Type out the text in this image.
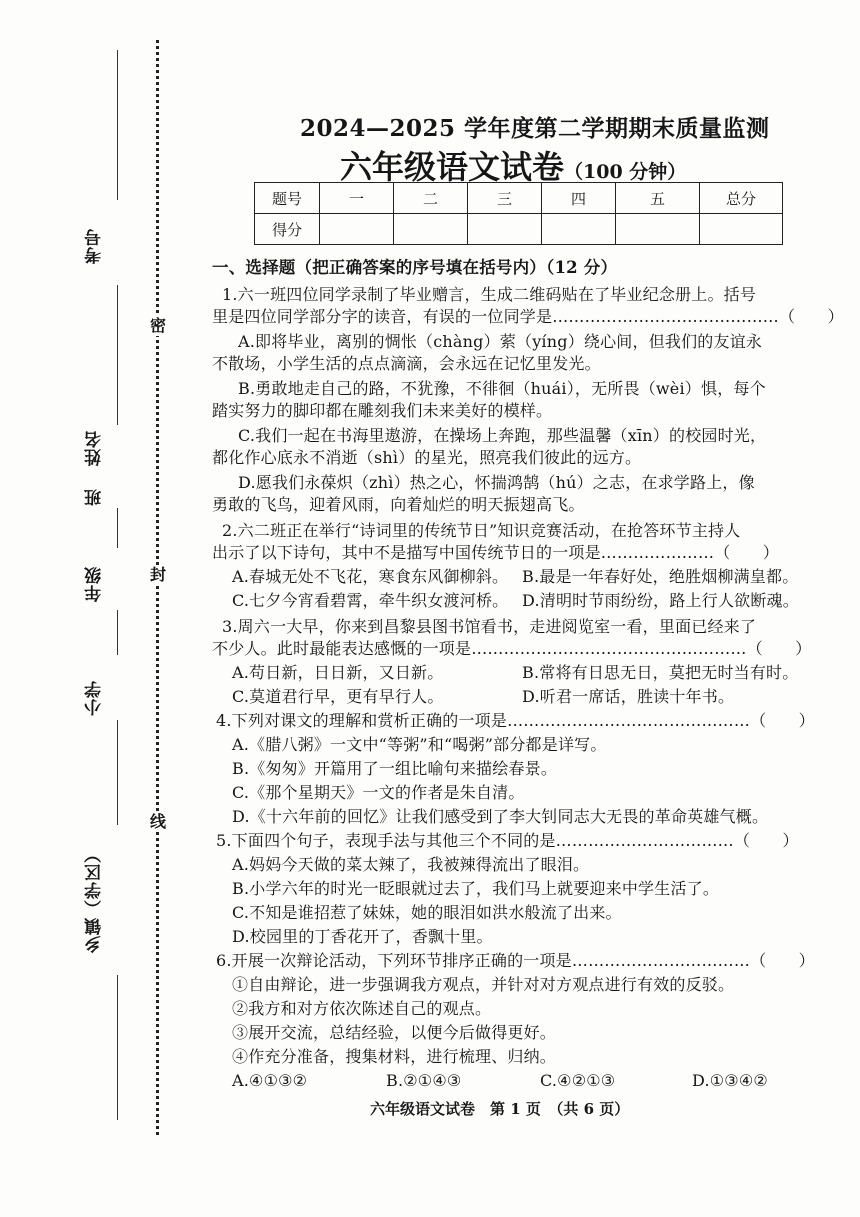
密
封
线
考号
姓名
班
年级
小学
乡镇（学区）
2024—2025 学年度第二学期期末质量监测
六年级语文试卷（100 分钟）
题号	一	二	三	四	五	总分
得分						
一、选择题（把正确答案的序号填在括号内）（12 分）
1.六一班四位同学录制了毕业赠言，生成二维码贴在了毕业纪念册上。括号
里是四位同学部分字的读音，有误的一位同学是……………………………………（　　）
A.即将毕业，离别的惆怅（chàng）萦（yíng）绕心间，但我们的友谊永
不散场，小学生活的点点滴滴，会永远在记忆里发光。
B.勇敢地走自己的路，不犹豫，不徘徊（huái），无所畏（wèi）惧，每个
踏实努力的脚印都在雕刻我们未来美好的模样。
C.我们一起在书海里遨游，在操场上奔跑，那些温馨（xīn）的校园时光，
都化作心底永不消逝（shì）的星光，照亮我们彼此的远方。
D.愿我们永葆炽（zhì）热之心，怀揣鸿鹄（hú）之志，在求学路上，像
勇敢的飞鸟，迎着风雨，向着灿烂的明天振翅高飞。
2.六二班正在举行“诗词里的传统节日”知识竞赛活动，在抢答环节主持人
出示了以下诗句，其中不是描写中国传统节日的一项是…………………（　　）
A.春城无处不飞花，寒食东风御柳斜。 B.最是一年春好处，绝胜烟柳满皇都。
C.七夕今宵看碧霄，牵牛织女渡河桥。 D.清明时节雨纷纷，路上行人欲断魂。
3.周六一大早，你来到昌黎县图书馆看书，走进阅览室一看，里面已经来了
不少人。此时最能表达感慨的一项是……………………………………………（　　）
A.苟日新，日日新，又日新。	B.常将有日思无日，莫把无时当有时。
C.莫道君行早，更有早行人。	D.听君一席话，胜读十年书。
4.下列对课文的理解和赏析正确的一项是………………………………………（　　）
A.《腊八粥》一文中“等粥”和“喝粥”部分都是详写。
B.《匆匆》开篇用了一组比喻句来描绘春景。
C.《那个星期天》一文的作者是朱自清。
D.《十六年前的回忆》让我们感受到了李大钊同志大无畏的革命英雄气概。
5.下面四个句子，表现手法与其他三个不同的是……………………………（　　）
A.妈妈今天做的菜太辣了，我被辣得流出了眼泪。
B.小学六年的时光一眨眼就过去了，我们马上就要迎来中学生活了。
C.不知是谁招惹了妹妹，她的眼泪如洪水般流了出来。
D.校园里的丁香花开了，香飘十里。
6.开展一次辩论活动，下列环节排序正确的一项是……………………………（　　）
①自由辩论，进一步强调我方观点，并针对对方观点进行有效的反驳。
②我方和对方依次陈述自己的观点。
③展开交流，总结经验，以便今后做得更好。
④作充分准备，搜集材料，进行梳理、归纳。
A.④①③②	B.②①④③	C.④②①③	D.①③④②
六年级语文试卷　第 1 页　（共 6 页）
